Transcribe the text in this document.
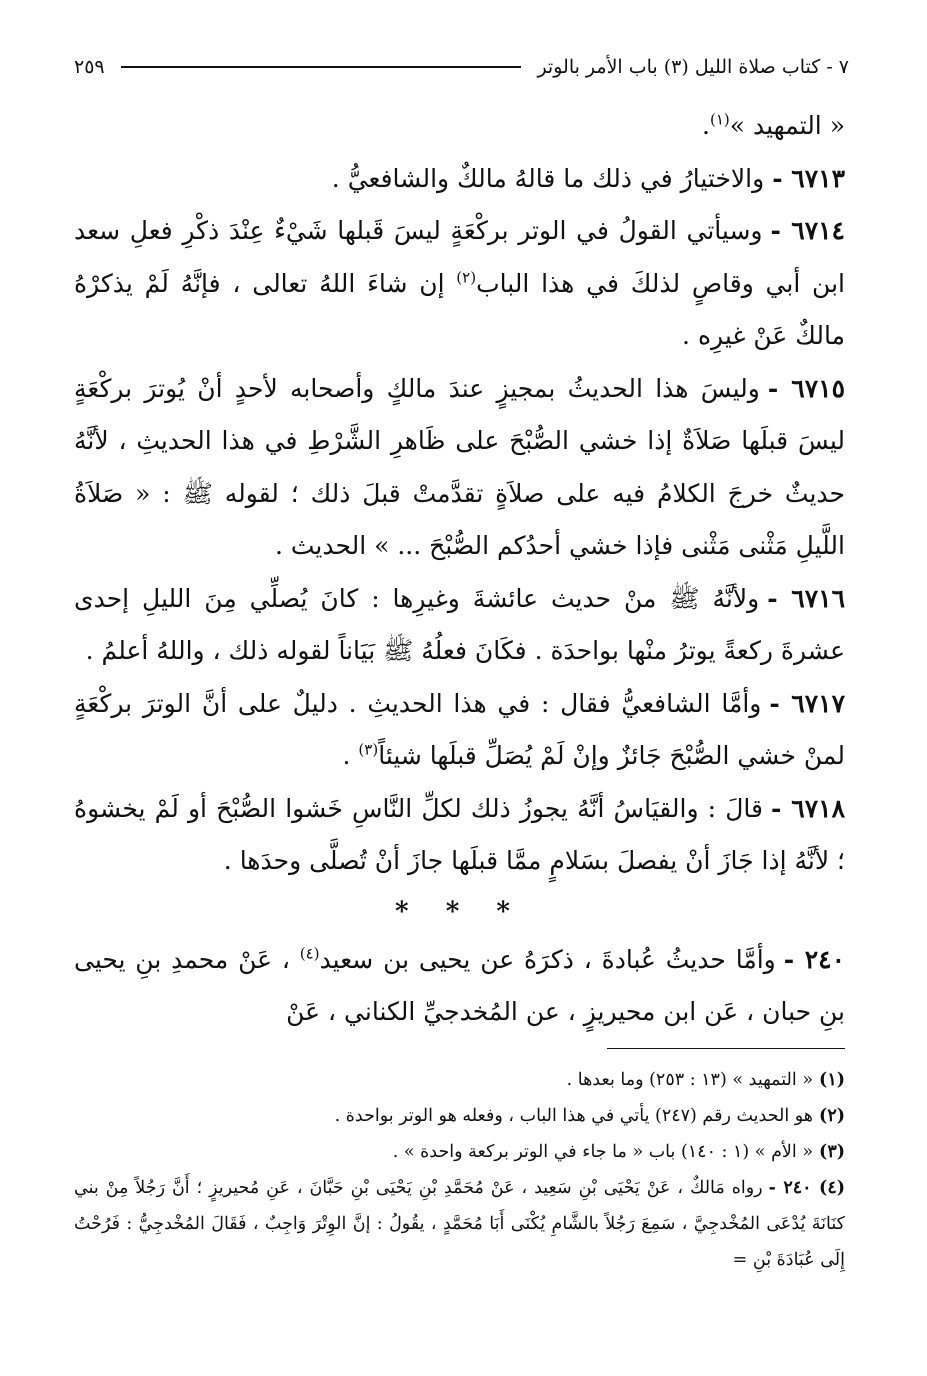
٧ - كتاب صلاة الليل (٣) باب الأمر بالوتر
٢٥٩

« التمهيد »$^{(١)}$.

٦٧١٣ -والاختيارُ في ذلك ما قالهُ مالكٌ والشافعيُّ .

٦٧١٤ -وسيأتي القولُ في الوتر بركْعَةٍ ليسَ قَبلها شَيْءٌ عِنْدَ ذكْرِ فعلِ سعد ابن أبي وقاصٍ لذلكَ في هذا الباب$^{(٢)}$ إن شاءَ اللهُ تعالى ، فإنَّهُ لَمْ يذكرْهُ مالكٌ عَنْ غيرِه .

٦٧١٥ -وليسَ هذا الحديثُ بمجيزٍ عندَ مالكٍ وأصحابه لأحدٍ أنْ يُوترَ بركْعَةٍ ليسَ قبلَها صَلاَةٌ إذا خشي الصُّبْحَ على ظَاهرِ الشَّرْطِ في هذا الحديثِ ، لأنَّهُ حديثٌ خرجَ الكلامُ فيه على صلاَةٍ تقدَّمتْ قبلَ ذلك ؛ لقوله ﷺ : « صَلاَةُ اللَّيلِ مَثْنى مَثْنى فإذا خشي أحدُكم الصُّبْحَ ... » الحديث .

٦٧١٦ -ولأنَّهُ ﷺ منْ حديث عائشةَ وغيرِها : كانَ يُصلِّي مِنَ الليلِ إحدى عشرةَ ركعةً يوترُ منْها بواحدَة . فكَانَ فعلُهُ ﷺ بَيَاناً لقوله ذلك ، واللهُ أعلمُ .

٦٧١٧ -وأمَّا الشافعيُّ فقال : في هذا الحديثِ . دليلٌ على أنَّ الوترَ بركْعَةٍ لمنْ خشي الصُّبْحَ جَائزٌ وإنْ لَمْ يُصَلِّ قبلَها شيئاً$^{(٣)}$ .

٦٧١٨ -قالَ : والقيَاسُ أنَّهُ يجوزُ ذلك لكلِّ النَّاسِ خَشوا الصُّبْحَ أو لَمْ يخشوهُ ؛ لأنَّهُ إذا جَازَ أنْ يفصلَ بسَلامٍ ممَّا قبلَها جازَ أنْ تُصلَّى وحدَها .

* * *

٢٤٠ -وأمَّا حديثُ عُبادةَ ، ذكرَهُ عن يحيى بن سعيد$^{(٤)}$ ، عَنْ محمدِ بنِ يحيى بنِ حبان ، عَن ابن محيريزٍ ، عن المُخدجيِّ الكناني ، عَنْ

(١)« التمهيد » (١٣ : ٢٥٣) وما بعدها .

(٢)هو الحديث رقم (٢٤٧) يأتي في هذا الباب ، وفعله هو الوتر بواحدة .

(٣)« الأم » (١ : ١٤٠) باب « ما جاء في الوتر بركعة واحدة » .

(٤) ٢٤٠ -رواه مَالكٌ ، عَنْ يَحْيَى بْنِ سَعِيد ، عَنْ مُحَمَّدِ بْنِ يَحْيَى بْنِ حَبَّانَ ، عَنِ مُحيريزٍ ؛ أَنَّ رَجُلاً مِنْ بني كنَانَةَ يُدْعَى المُخْدجِيَّ ، سَمِعَ رَجُلاً بالشَّامِ يُكْنَى أَبَا مُحَمَّدٍ ، يقُولُ : إنَّ الوِتْرَ وَاجِبٌ ، فَقَالَ المُخْدجِيُّ : فَرُحْتُ إِلَى عُبَادَةَ بْنِ =
